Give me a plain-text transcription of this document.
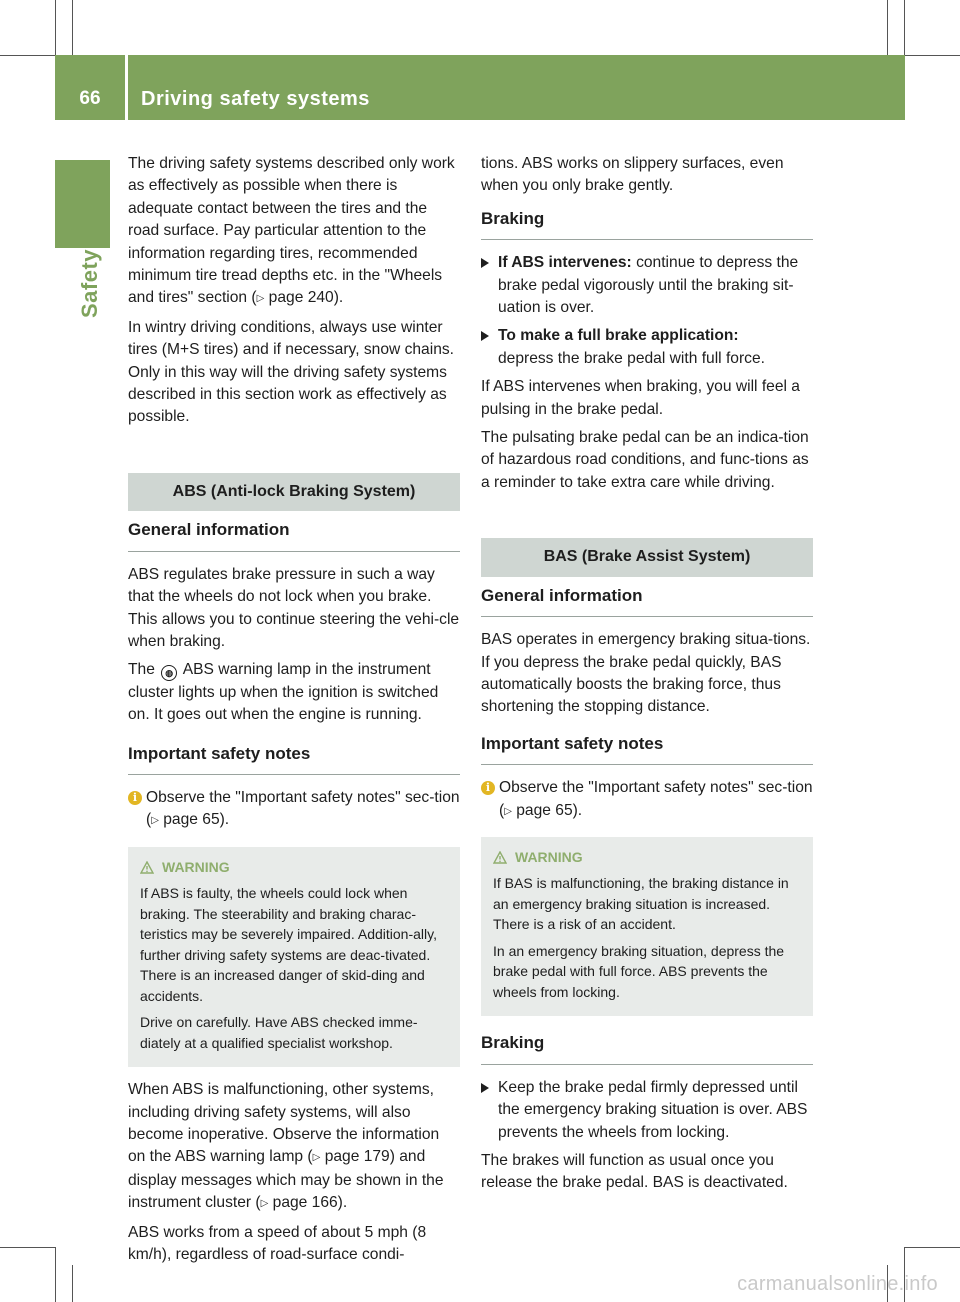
66	Driving safety systems
Safety

The driving safety systems described only work as effectively as possible when there is adequate contact between the tires and the road surface. Pay particular attention to the information regarding tires, recommended minimum tire tread depths etc. in the "Wheels and tires" section (▷ page 240).

In wintry driving conditions, always use winter tires (M+S tires) and if necessary, snow chains. Only in this way will the driving safety systems described in this section work as effectively as possible.

ABS (Anti-lock Braking System)
General information

ABS regulates brake pressure in such a way that the wheels do not lock when you brake. This allows you to continue steering the vehi-cle when braking.

The ◍ ABS warning lamp in the instrument cluster lights up when the ignition is switched on. It goes out when the engine is running.

Important safety notes
i Observe the "Important safety notes" sec-tion (▷ page 65).
WARNING

If ABS is faulty, the wheels could lock when braking. The steerability and braking charac-teristics may be severely impaired. Addition-ally, further driving safety systems are deac-tivated. There is an increased danger of skid-ding and accidents.

Drive on carefully. Have ABS checked imme-diately at a qualified specialist workshop.

When ABS is malfunctioning, other systems, including driving safety systems, will also become inoperative. Observe the information on the ABS warning lamp (▷ page 179) and display messages which may be shown in the instrument cluster (▷ page 166).

ABS works from a speed of about 5 mph (8 km/h), regardless of road-surface condi-

tions. ABS works on slippery surfaces, even when you only brake gently.

Braking
If ABS intervenes: continue to depress the brake pedal vigorously until the braking sit-uation is over.
To make a full brake application:
depress the brake pedal with full force.

If ABS intervenes when braking, you will feel a pulsing in the brake pedal.

The pulsating brake pedal can be an indica-tion of hazardous road conditions, and func-tions as a reminder to take extra care while driving.

BAS (Brake Assist System)
General information

BAS operates in emergency braking situa-tions. If you depress the brake pedal quickly, BAS automatically boosts the braking force, thus shortening the stopping distance.

Important safety notes
i Observe the "Important safety notes" sec-tion (▷ page 65).
WARNING

If BAS is malfunctioning, the braking distance in an emergency braking situation is increased. There is a risk of an accident.

In an emergency braking situation, depress the brake pedal with full force. ABS prevents the wheels from locking.

Braking
Keep the brake pedal firmly depressed until the emergency braking situation is over. ABS prevents the wheels from locking.

The brakes will function as usual once you release the brake pedal. BAS is deactivated.

carmanualsonline.info
